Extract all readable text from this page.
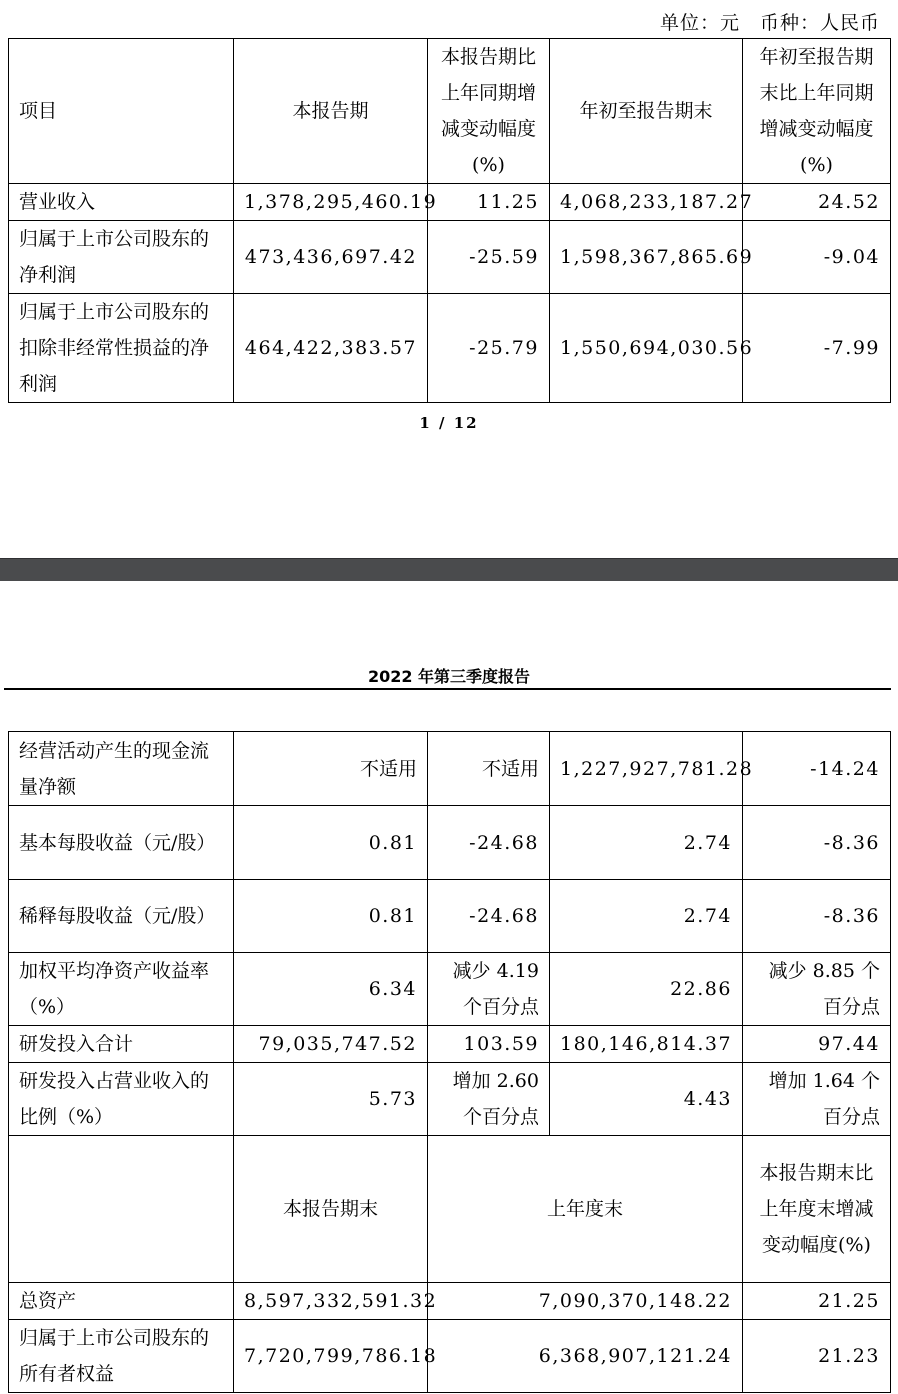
单位：元　币种：人民币
项目	本报告期	本报告期比上年同期增减变动幅度(%)	年初至报告期末	年初至报告期末比上年同期增减变动幅度(%)
营业收入	1,378,295,460.19	11.25	4,068,233,187.27	24.52
归属于上市公司股东的净利润	473,436,697.42	-25.59	1,598,367,865.69	-9.04
归属于上市公司股东的扣除非经常性损益的净利润	464,422,383.57	-25.79	1,550,694,030.56	-7.99
1 / 12
2022 年第三季度报告
经营活动产生的现金流量净额	不适用	不适用	1,227,927,781.28	-14.24
基本每股收益（元/股）	0.81	-24.68	2.74	-8.36
稀释每股收益（元/股）	0.81	-24.68	2.74	-8.36
加权平均净资产收益率（%）	6.34	减少 4.19 个百分点	22.86	减少 8.85 个百分点
研发投入合计	79,035,747.52	103.59	180,146,814.37	97.44
研发投入占营业收入的比例（%）	5.73	增加 2.60 个百分点	4.43	增加 1.64 个百分点
	本报告期末	上年度末		本报告期末比上年度末增减变动幅度(%)
总资产	8,597,332,591.32	7,090,370,148.22		21.25
归属于上市公司股东的所有者权益	7,720,799,786.18	6,368,907,121.24		21.23
